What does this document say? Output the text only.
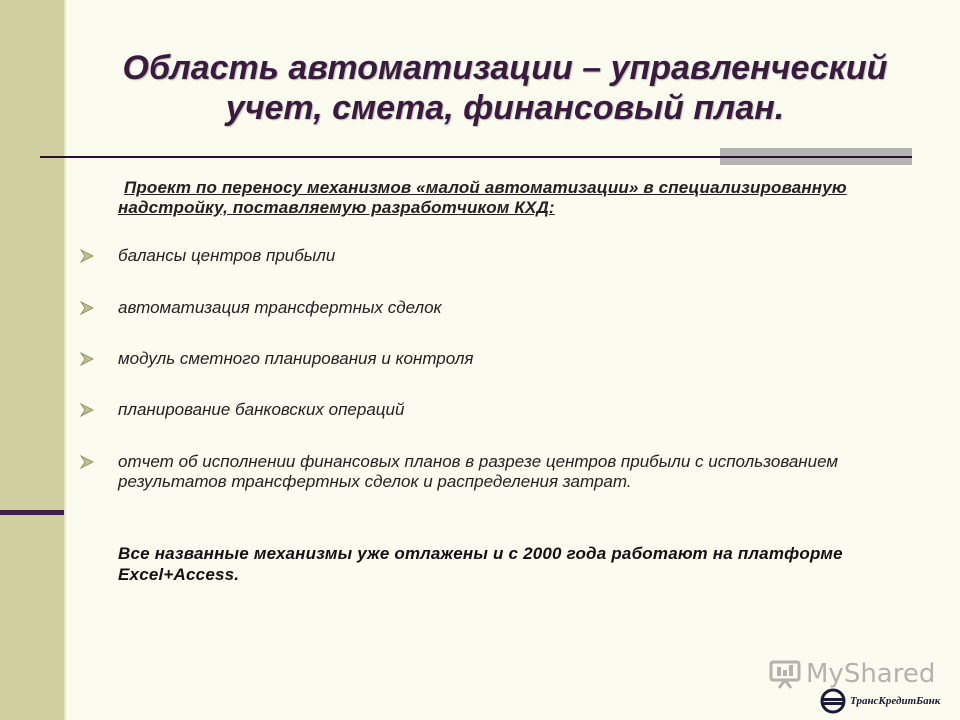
Область автоматизации – управленческий
учет, смета, финансовый план.

Проект по переносу механизмов «малой автоматизации» в специализированную надстройку, поставляемую разработчиком КХД:

балансы центров прибыли
автоматизация трансфертных сделок
модуль сметного планирования и контроля
планирование банковских операций
отчет об исполнении финансовых планов в разрезе центров прибыли с использованием результатов трансфертных сделок и распределения затрат.

Все названные механизмы уже отлажены и с 2000 года работают на платформе Excel+Access.

MyShared
ТрансКредитБанк
